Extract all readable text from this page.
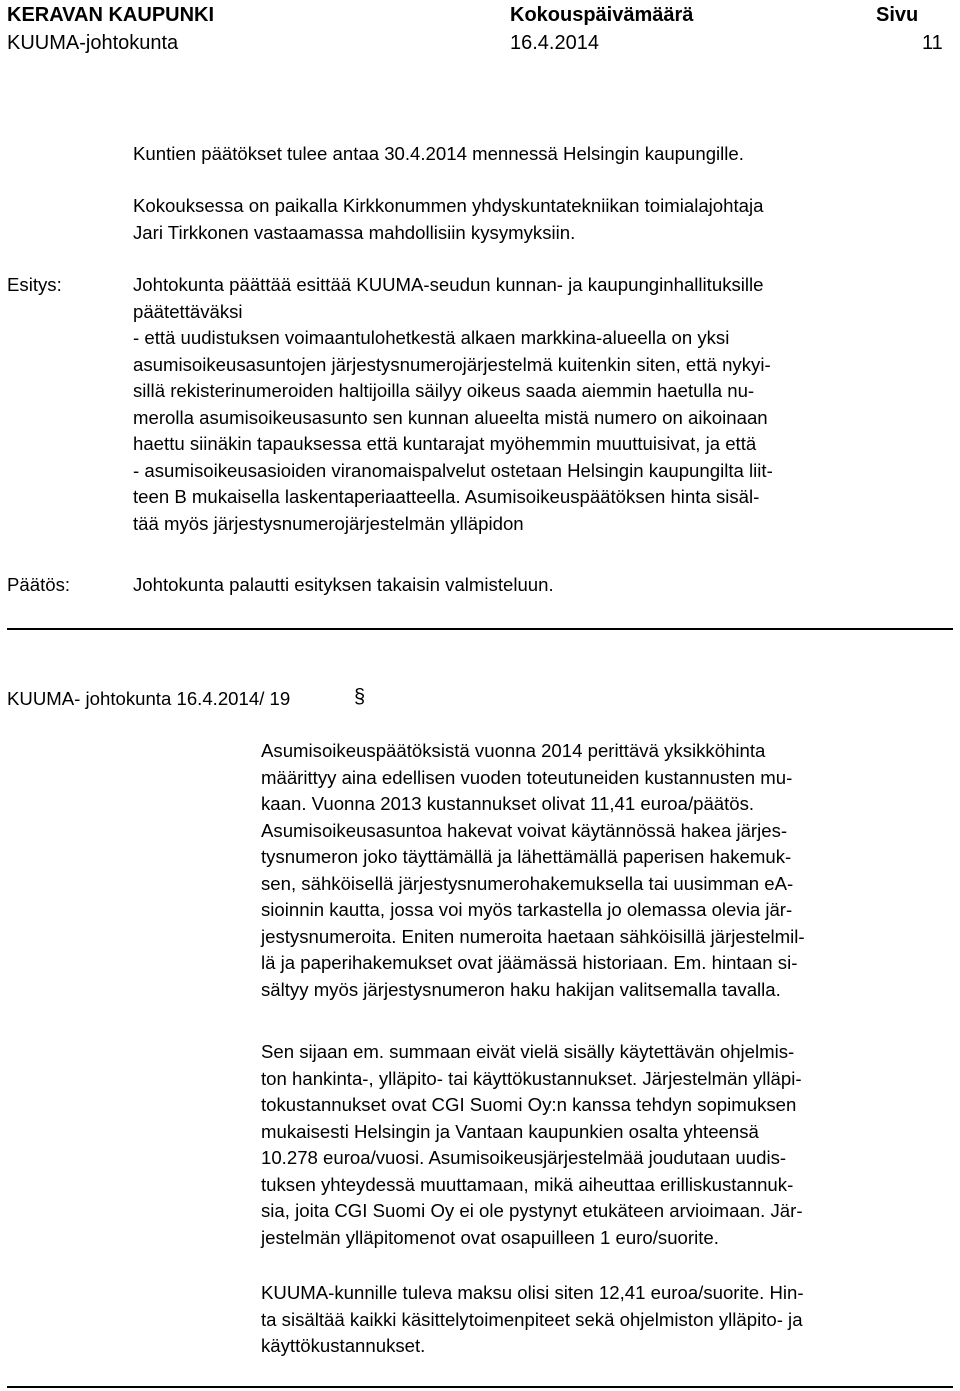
KERAVAN KAUPUNKI	Kokouspäivämäärä	Sivu
KUUMA-johtokunta	16.4.2014	11
Kuntien päätökset tulee antaa 30.4.2014 mennessä Helsingin kaupungille.
Kokouksessa on paikalla Kirkkonummen yhdyskuntatekniikan toimialajohtaja
Jari Tirkkonen vastaamassa mahdollisiin kysymyksiin.
Esitys:	Johtokunta päättää esittää KUUMA-seudun kunnan- ja kaupunginhallituksille
päätettäväksi
- että uudistuksen voimaantulohetkestä alkaen markkina-alueella on yksi
asumisoikeusasuntojen järjestysnumerojärjestelmä kuitenkin siten, että nykyi-
sillä rekisterinumeroiden haltijoilla säilyy oikeus saada aiemmin haetulla nu-
merolla asumisoikeusasunto sen kunnan alueelta mistä numero on aikoinaan
haettu siinäkin tapauksessa että kuntarajat myöhemmin muuttuisivat, ja että
- asumisoikeusasioiden viranomaispalvelut ostetaan Helsingin kaupungilta liit-
teen B mukaisella laskentaperiaatteella. Asumisoikeuspäätöksen hinta sisäl-
tää myös järjestysnumerojärjestelmän ylläpidon
Päätös:	Johtokunta palautti esityksen takaisin valmisteluun.
KUUMA- johtokunta 16.4.2014/ 19	§
Asumisoikeuspäätöksistä vuonna 2014 perittävä yksikköhinta
määrittyy aina edellisen vuoden toteutuneiden kustannusten mu-
kaan. Vuonna 2013 kustannukset olivat 11,41 euroa/päätös.
Asumisoikeusasuntoa hakevat voivat käytännössä hakea järjes-
tysnumeron joko täyttämällä ja lähettämällä paperisen hakemuk-
sen, sähköisellä järjestysnumerohakemuksella tai uusimman eA-
sioinnin kautta, jossa voi myös tarkastella jo olemassa olevia jär-
jestysnumeroita. Eniten numeroita haetaan sähköisillä järjestelmil-
lä ja paperihakemukset ovat jäämässä historiaan. Em. hintaan si-
sältyy myös järjestysnumeron haku hakijan valitsemalla tavalla.
Sen sijaan em. summaan eivät vielä sisälly käytettävän ohjelmis-
ton hankinta-, ylläpito- tai käyttökustannukset. Järjestelmän ylläpi-
tokustannukset ovat CGI Suomi Oy:n kanssa tehdyn sopimuksen
mukaisesti Helsingin ja Vantaan kaupunkien osalta yhteensä
10.278 euroa/vuosi. Asumisoikeusjärjestelmää joudutaan uudis-
tuksen yhteydessä muuttamaan, mikä aiheuttaa erilliskustannuk-
sia, joita CGI Suomi Oy ei ole pystynyt etukäteen arvioimaan. Jär-
jestelmän ylläpitomenot ovat osapuilleen 1 euro/suorite.
KUUMA-kunnille tuleva maksu olisi siten 12,41 euroa/suorite. Hin-
ta sisältää kaikki käsittelytoimenpiteet sekä ohjelmiston ylläpito- ja
käyttökustannukset.
